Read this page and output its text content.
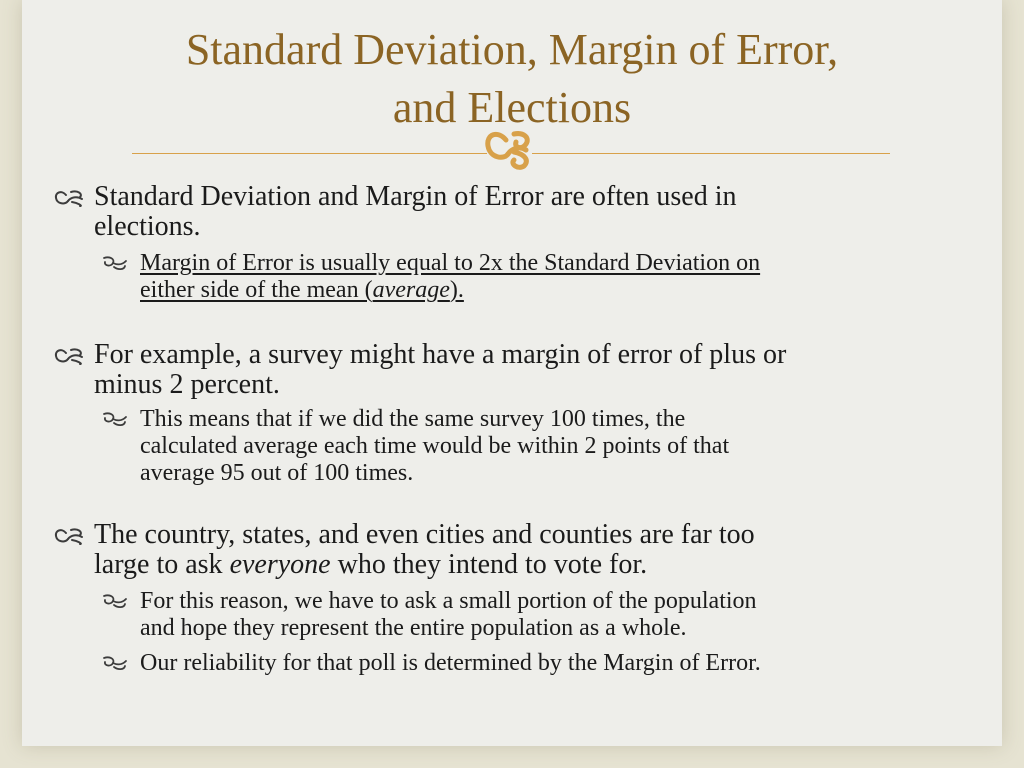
Standard Deviation, Margin of Error,
and Elections
Standard Deviation and Margin of Error are often used in
elections.
Margin of Error is usually equal to 2x the Standard Deviation on
either side of the mean (average).
For example, a survey might have a margin of error of plus or
minus 2 percent.
This means that if we did the same survey 100 times, the
calculated average each time would be within 2 points of that
average 95 out of 100 times.
The country, states, and even cities and counties are far too
large to ask everyone who they intend to vote for.
For this reason, we have to ask a small portion of the population
and hope they represent the entire population as a whole.
Our reliability for that poll is determined by the Margin of Error.
